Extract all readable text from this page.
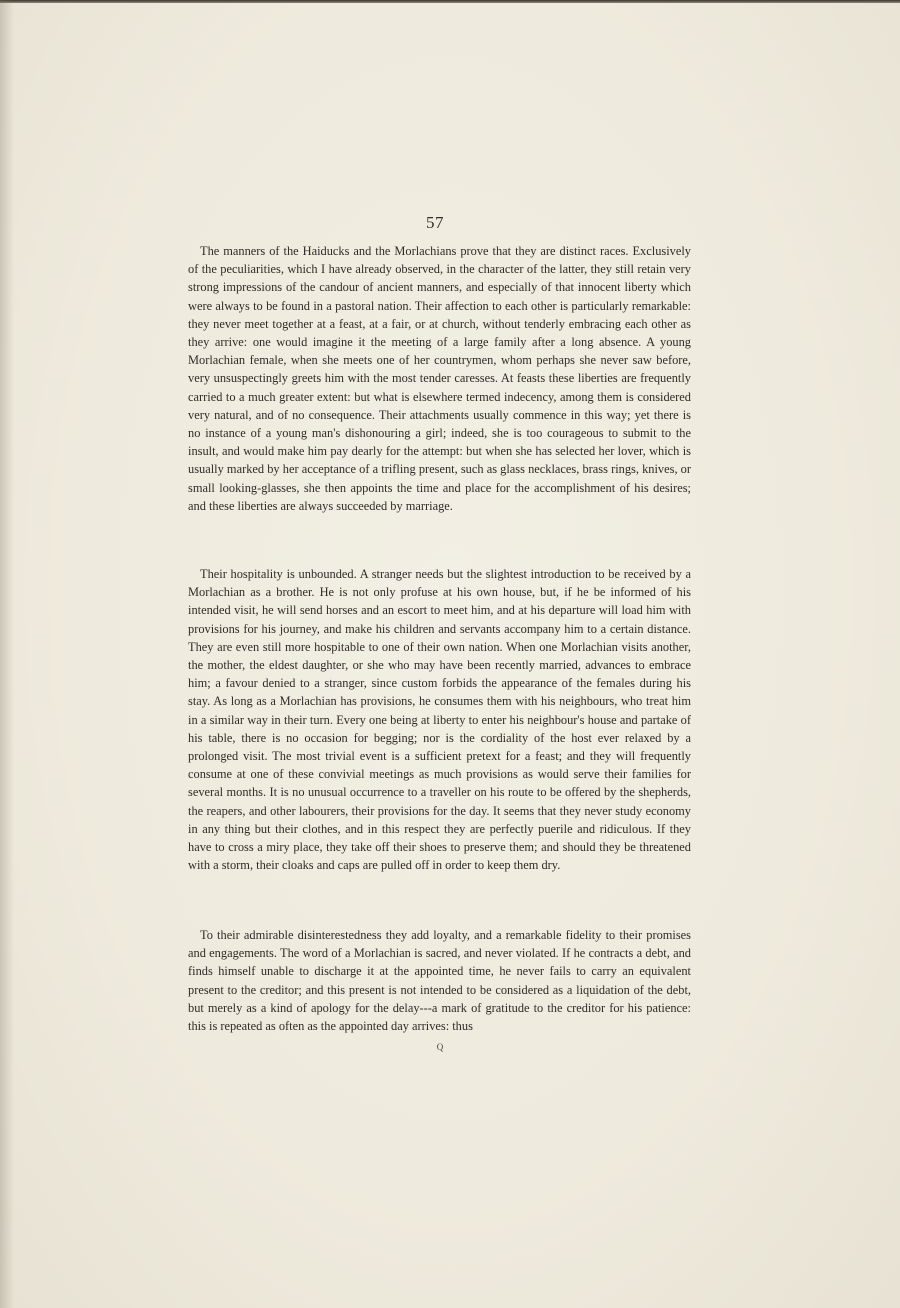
57

The manners of the Haiducks and the Morlachians prove that they are distinct races. Exclusively of the peculiarities, which I have already observed, in the character of the latter, they still retain very strong impressions of the candour of ancient manners, and especially of that innocent liberty which were always to be found in a pastoral nation. Their affection to each other is particularly remarkable: they never meet together at a feast, at a fair, or at church, without tenderly embracing each other as they arrive: one would imagine it the meeting of a large family after a long absence. A young Morlachian female, when she meets one of her countrymen, whom perhaps she never saw before, very unsuspectingly greets him with the most tender caresses. At feasts these liberties are frequently carried to a much greater extent: but what is elsewhere termed indecency, among them is considered very natural, and of no consequence. Their attachments usually commence in this way; yet there is no instance of a young man's dishonouring a girl; indeed, she is too courageous to submit to the insult, and would make him pay dearly for the attempt: but when she has selected her lover, which is usually marked by her acceptance of a trifling present, such as glass necklaces, brass rings, knives, or small looking-glasses, she then appoints the time and place for the accomplishment of his desires; and these liberties are always succeeded by marriage.

Their hospitality is unbounded. A stranger needs but the slightest introduction to be received by a Morlachian as a brother. He is not only profuse at his own house, but, if he be informed of his intended visit, he will send horses and an escort to meet him, and at his departure will load him with provisions for his journey, and make his children and servants accompany him to a certain distance. They are even still more hospitable to one of their own nation. When one Morlachian visits another, the mother, the eldest daughter, or she who may have been recently married, advances to embrace him; a favour denied to a stranger, since custom forbids the appearance of the females during his stay. As long as a Morlachian has provisions, he consumes them with his neighbours, who treat him in a similar way in their turn. Every one being at liberty to enter his neighbour's house and partake of his table, there is no occasion for begging; nor is the cordiality of the host ever relaxed by a prolonged visit. The most trivial event is a sufficient pretext for a feast; and they will frequently consume at one of these convivial meetings as much provisions as would serve their families for several months. It is no unusual occurrence to a traveller on his route to be offered by the shepherds, the reapers, and other labourers, their provisions for the day. It seems that they never study economy in any thing but their clothes, and in this respect they are perfectly puerile and ridiculous. If they have to cross a miry place, they take off their shoes to preserve them; and should they be threatened with a storm, their cloaks and caps are pulled off in order to keep them dry.

To their admirable disinterestedness they add loyalty, and a remarkable fidelity to their promises and engagements. The word of a Morlachian is sacred, and never violated. If he contracts a debt, and finds himself unable to discharge it at the appointed time, he never fails to carry an equivalent present to the creditor; and this present is not intended to be considered as a liquidation of the debt, but merely as a kind of apology for the delay---a mark of gratitude to the creditor for his patience: this is repeated as often as the appointed day arrives: thus

Q
